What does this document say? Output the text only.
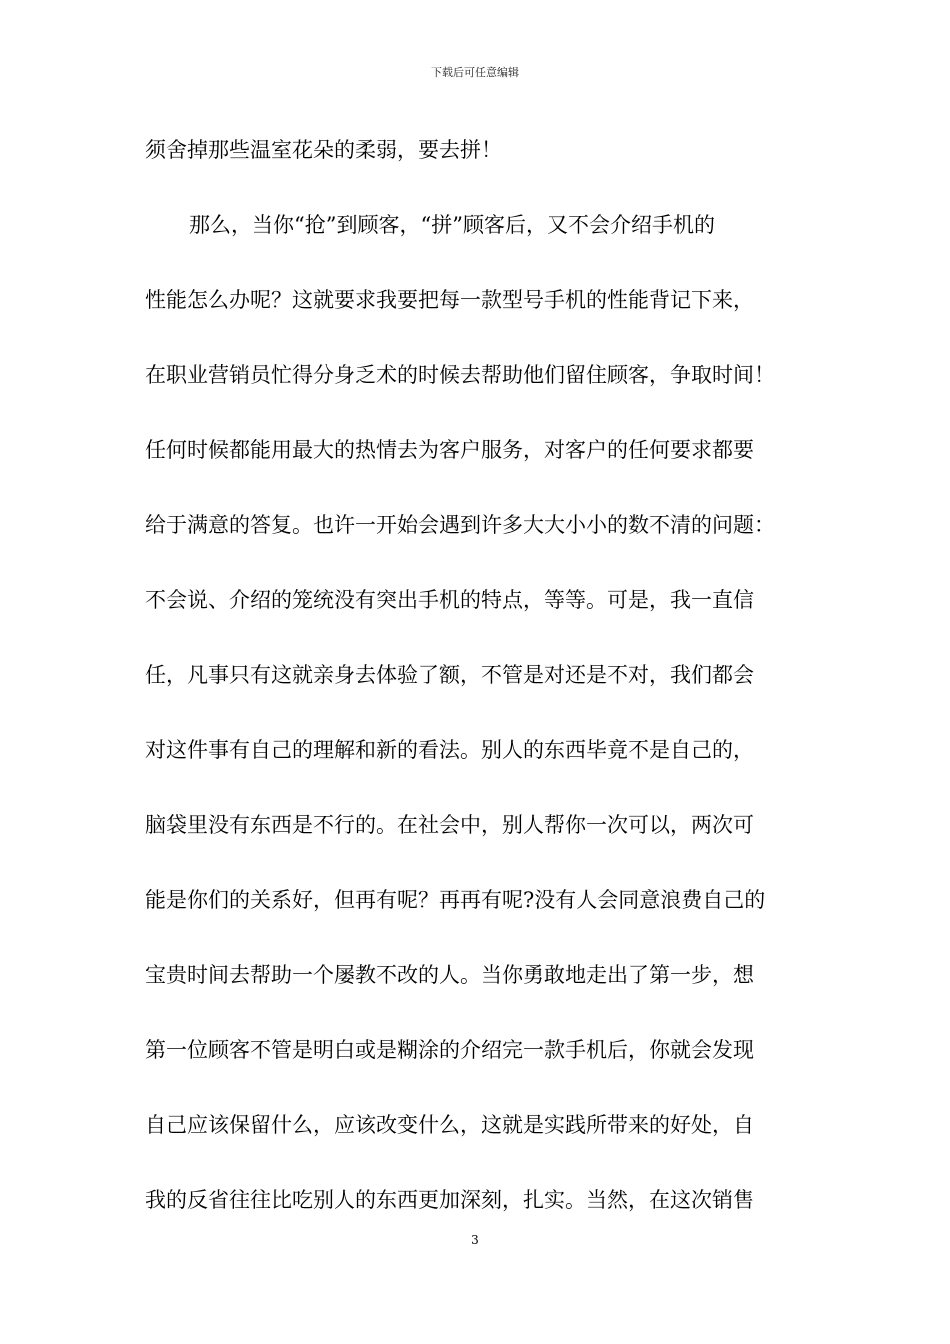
下载后可任意编辑
须舍掉那些温室花朵的柔弱，要去拼！
那么，当你“抢”到顾客，“拼”顾客后，又不会介绍手机的
性能怎么办呢？这就要求我要把每一款型号手机的性能背记下来，
在职业营销员忙得分身乏术的时候去帮助他们留住顾客，争取时间！
任何时候都能用最大的热情去为客户服务，对客户的任何要求都要
给于满意的答复。也许一开始会遇到许多大大小小的数不清的问题：
不会说、介绍的笼统没有突出手机的特点，等等。可是，我一直信
任，凡事只有这就亲身去体验了额，不管是对还是不对，我们都会
对这件事有自己的理解和新的看法。别人的东西毕竟不是自己的，
脑袋里没有东西是不行的。在社会中，别人帮你一次可以，两次可
能是你们的关系好，但再有呢？再再有呢?没有人会同意浪费自己的
宝贵时间去帮助一个屡教不改的人。当你勇敢地走出了第一步，想
第一位顾客不管是明白或是糊涂的介绍完一款手机后，你就会发现
自己应该保留什么，应该改变什么，这就是实践所带来的好处，自
我的反省往往比吃别人的东西更加深刻，扎实。当然，在这次销售
3
